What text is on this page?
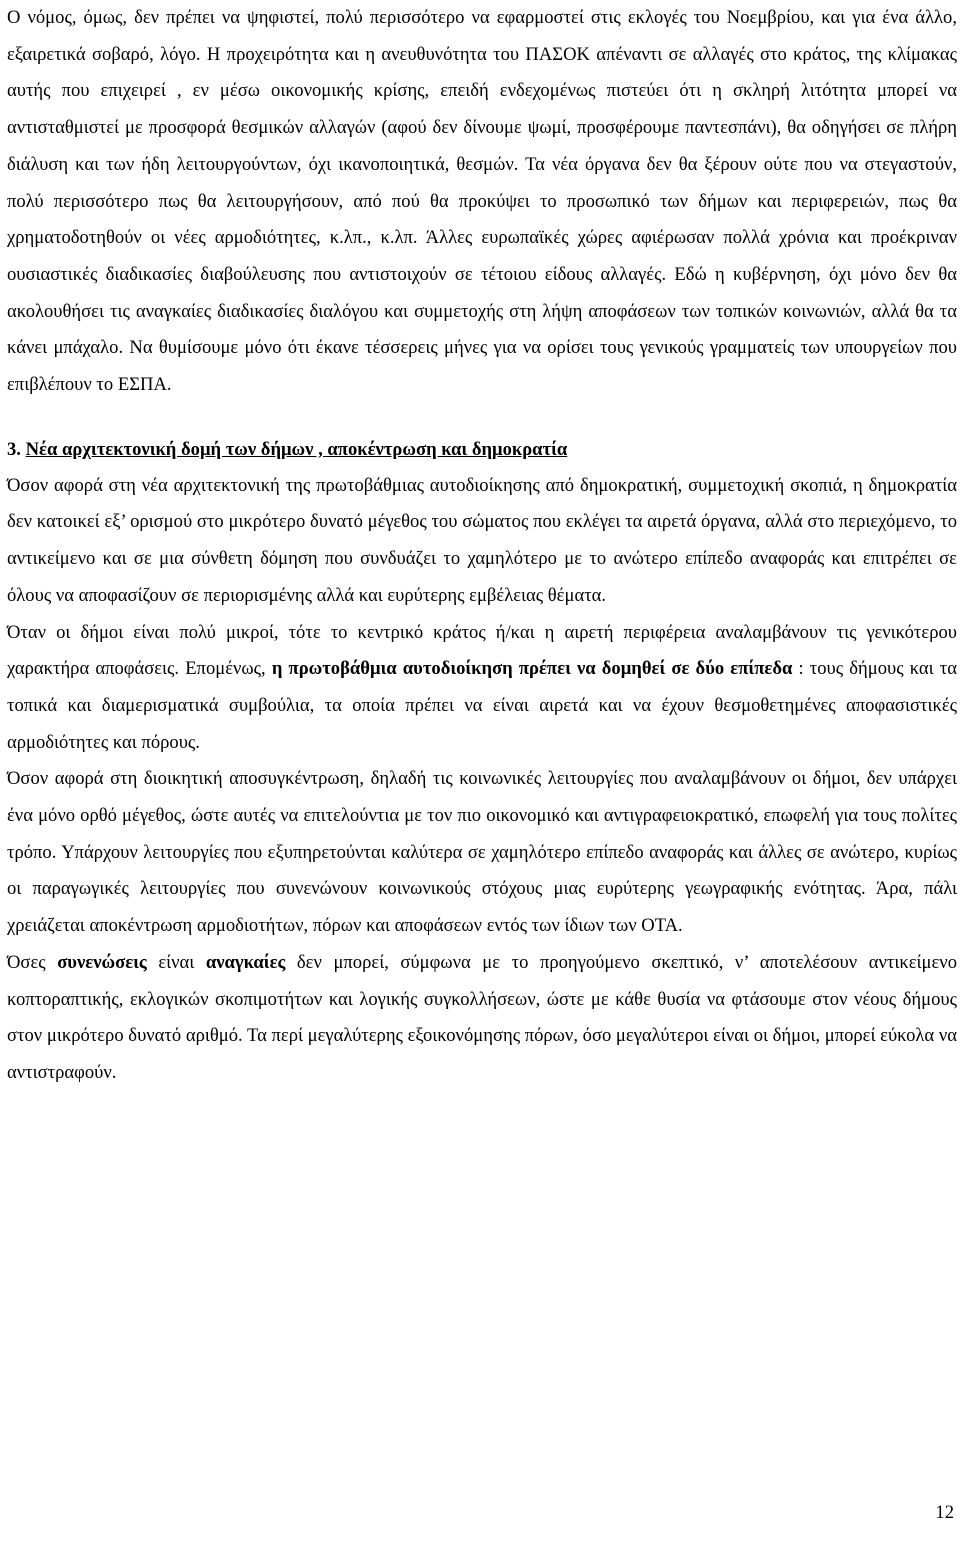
Ο νόμος, όμως, δεν πρέπει να ψηφιστεί, πολύ περισσότερο να εφαρμοστεί στις εκλογές του Νοεμβρίου, και για ένα άλλο, εξαιρετικά σοβαρό, λόγο. Η προχειρότητα και η ανευθυνότητα του ΠΑΣΟΚ απέναντι σε αλλαγές στο κράτος, της κλίμακας αυτής που επιχειρεί , εν μέσω οικονομικής κρίσης, επειδή ενδεχομένως πιστεύει ότι η σκληρή λιτότητα μπορεί να αντισταθμιστεί με προσφορά θεσμικών αλλαγών (αφού δεν δίνουμε ψωμί, προσφέρουμε παντεσπάνι), θα οδηγήσει σε πλήρη διάλυση και των ήδη λειτουργούντων, όχι ικανοποιητικά, θεσμών. Τα νέα όργανα δεν θα ξέρουν ούτε που να στεγαστούν, πολύ περισσότερο πως θα λειτουργήσουν, από πού θα προκύψει το προσωπικό των δήμων και περιφερειών, πως θα χρηματοδοτηθούν οι νέες αρμοδιότητες, κ.λπ., κ.λπ. Άλλες ευρωπαϊκές χώρες αφιέρωσαν πολλά χρόνια και προέκριναν ουσιαστικές διαδικασίες διαβούλευσης που αντιστοιχούν σε τέτοιου είδους αλλαγές. Εδώ η κυβέρνηση, όχι μόνο δεν θα ακολουθήσει τις αναγκαίες διαδικασίες διαλόγου και συμμετοχής στη λήψη αποφάσεων των τοπικών κοινωνιών, αλλά θα τα κάνει μπάχαλο. Να θυμίσουμε μόνο ότι έκανε τέσσερεις μήνες για να ορίσει τους γενικούς γραμματείς των υπουργείων που επιβλέπουν το ΕΣΠΑ.

3. Νέα αρχιτεκτονική δομή των δήμων , αποκέντρωση και δημοκρατία

Όσον αφορά στη νέα αρχιτεκτονική της πρωτοβάθμιας αυτοδιοίκησης από δημοκρατική, συμμετοχική σκοπιά, η δημοκρατία δεν κατοικεί εξ’ ορισμού στο μικρότερο δυνατό μέγεθος του σώματος που εκλέγει τα αιρετά όργανα, αλλά στο περιεχόμενο, το αντικείμενο και σε μια σύνθετη δόμηση που συνδυάζει το χαμηλότερο με το ανώτερο επίπεδο αναφοράς και επιτρέπει σε όλους να αποφασίζουν σε περιορισμένης αλλά και ευρύτερης εμβέλειας θέματα.

Όταν οι δήμοι είναι πολύ μικροί, τότε το κεντρικό κράτος ή/και η αιρετή περιφέρεια αναλαμβάνουν τις γενικότερου χαρακτήρα αποφάσεις. Επομένως, η πρωτοβάθμια αυτοδιοίκηση πρέπει να δομηθεί σε δύο επίπεδα : τους δήμους και τα τοπικά και διαμερισματικά συμβούλια, τα οποία πρέπει να είναι αιρετά και να έχουν θεσμοθετημένες αποφασιστικές αρμοδιότητες και πόρους.

Όσον αφορά στη διοικητική αποσυγκέντρωση, δηλαδή τις κοινωνικές λειτουργίες που αναλαμβάνουν οι δήμοι, δεν υπάρχει ένα μόνο ορθό μέγεθος, ώστε αυτές να επιτελούντια με τον πιο οικονομικό και αντιγραφειοκρατικό, επωφελή για τους πολίτες τρόπο. Υπάρχουν λειτουργίες που εξυπηρετούνται καλύτερα σε χαμηλότερο επίπεδο αναφοράς και άλλες σε ανώτερο, κυρίως οι παραγωγικές λειτουργίες που συνενώνουν κοινωνικούς στόχους μιας ευρύτερης γεωγραφικής ενότητας. Άρα, πάλι χρειάζεται αποκέντρωση αρμοδιοτήτων, πόρων και αποφάσεων εντός των ίδιων των ΟΤΑ.

Όσες συνενώσεις είναι αναγκαίες δεν μπορεί, σύμφωνα με το προηγούμενο σκεπτικό, ν’ αποτελέσουν αντικείμενο κοπτοραπτικής, εκλογικών σκοπιμοτήτων και λογικής συγκολλήσεων, ώστε με κάθε θυσία να φτάσουμε στον νέους δήμους στον μικρότερο δυνατό αριθμό. Τα περί μεγαλύτερης εξοικονόμησης πόρων, όσο μεγαλύτεροι είναι οι δήμοι, μπορεί εύκολα να αντιστραφούν.

12
